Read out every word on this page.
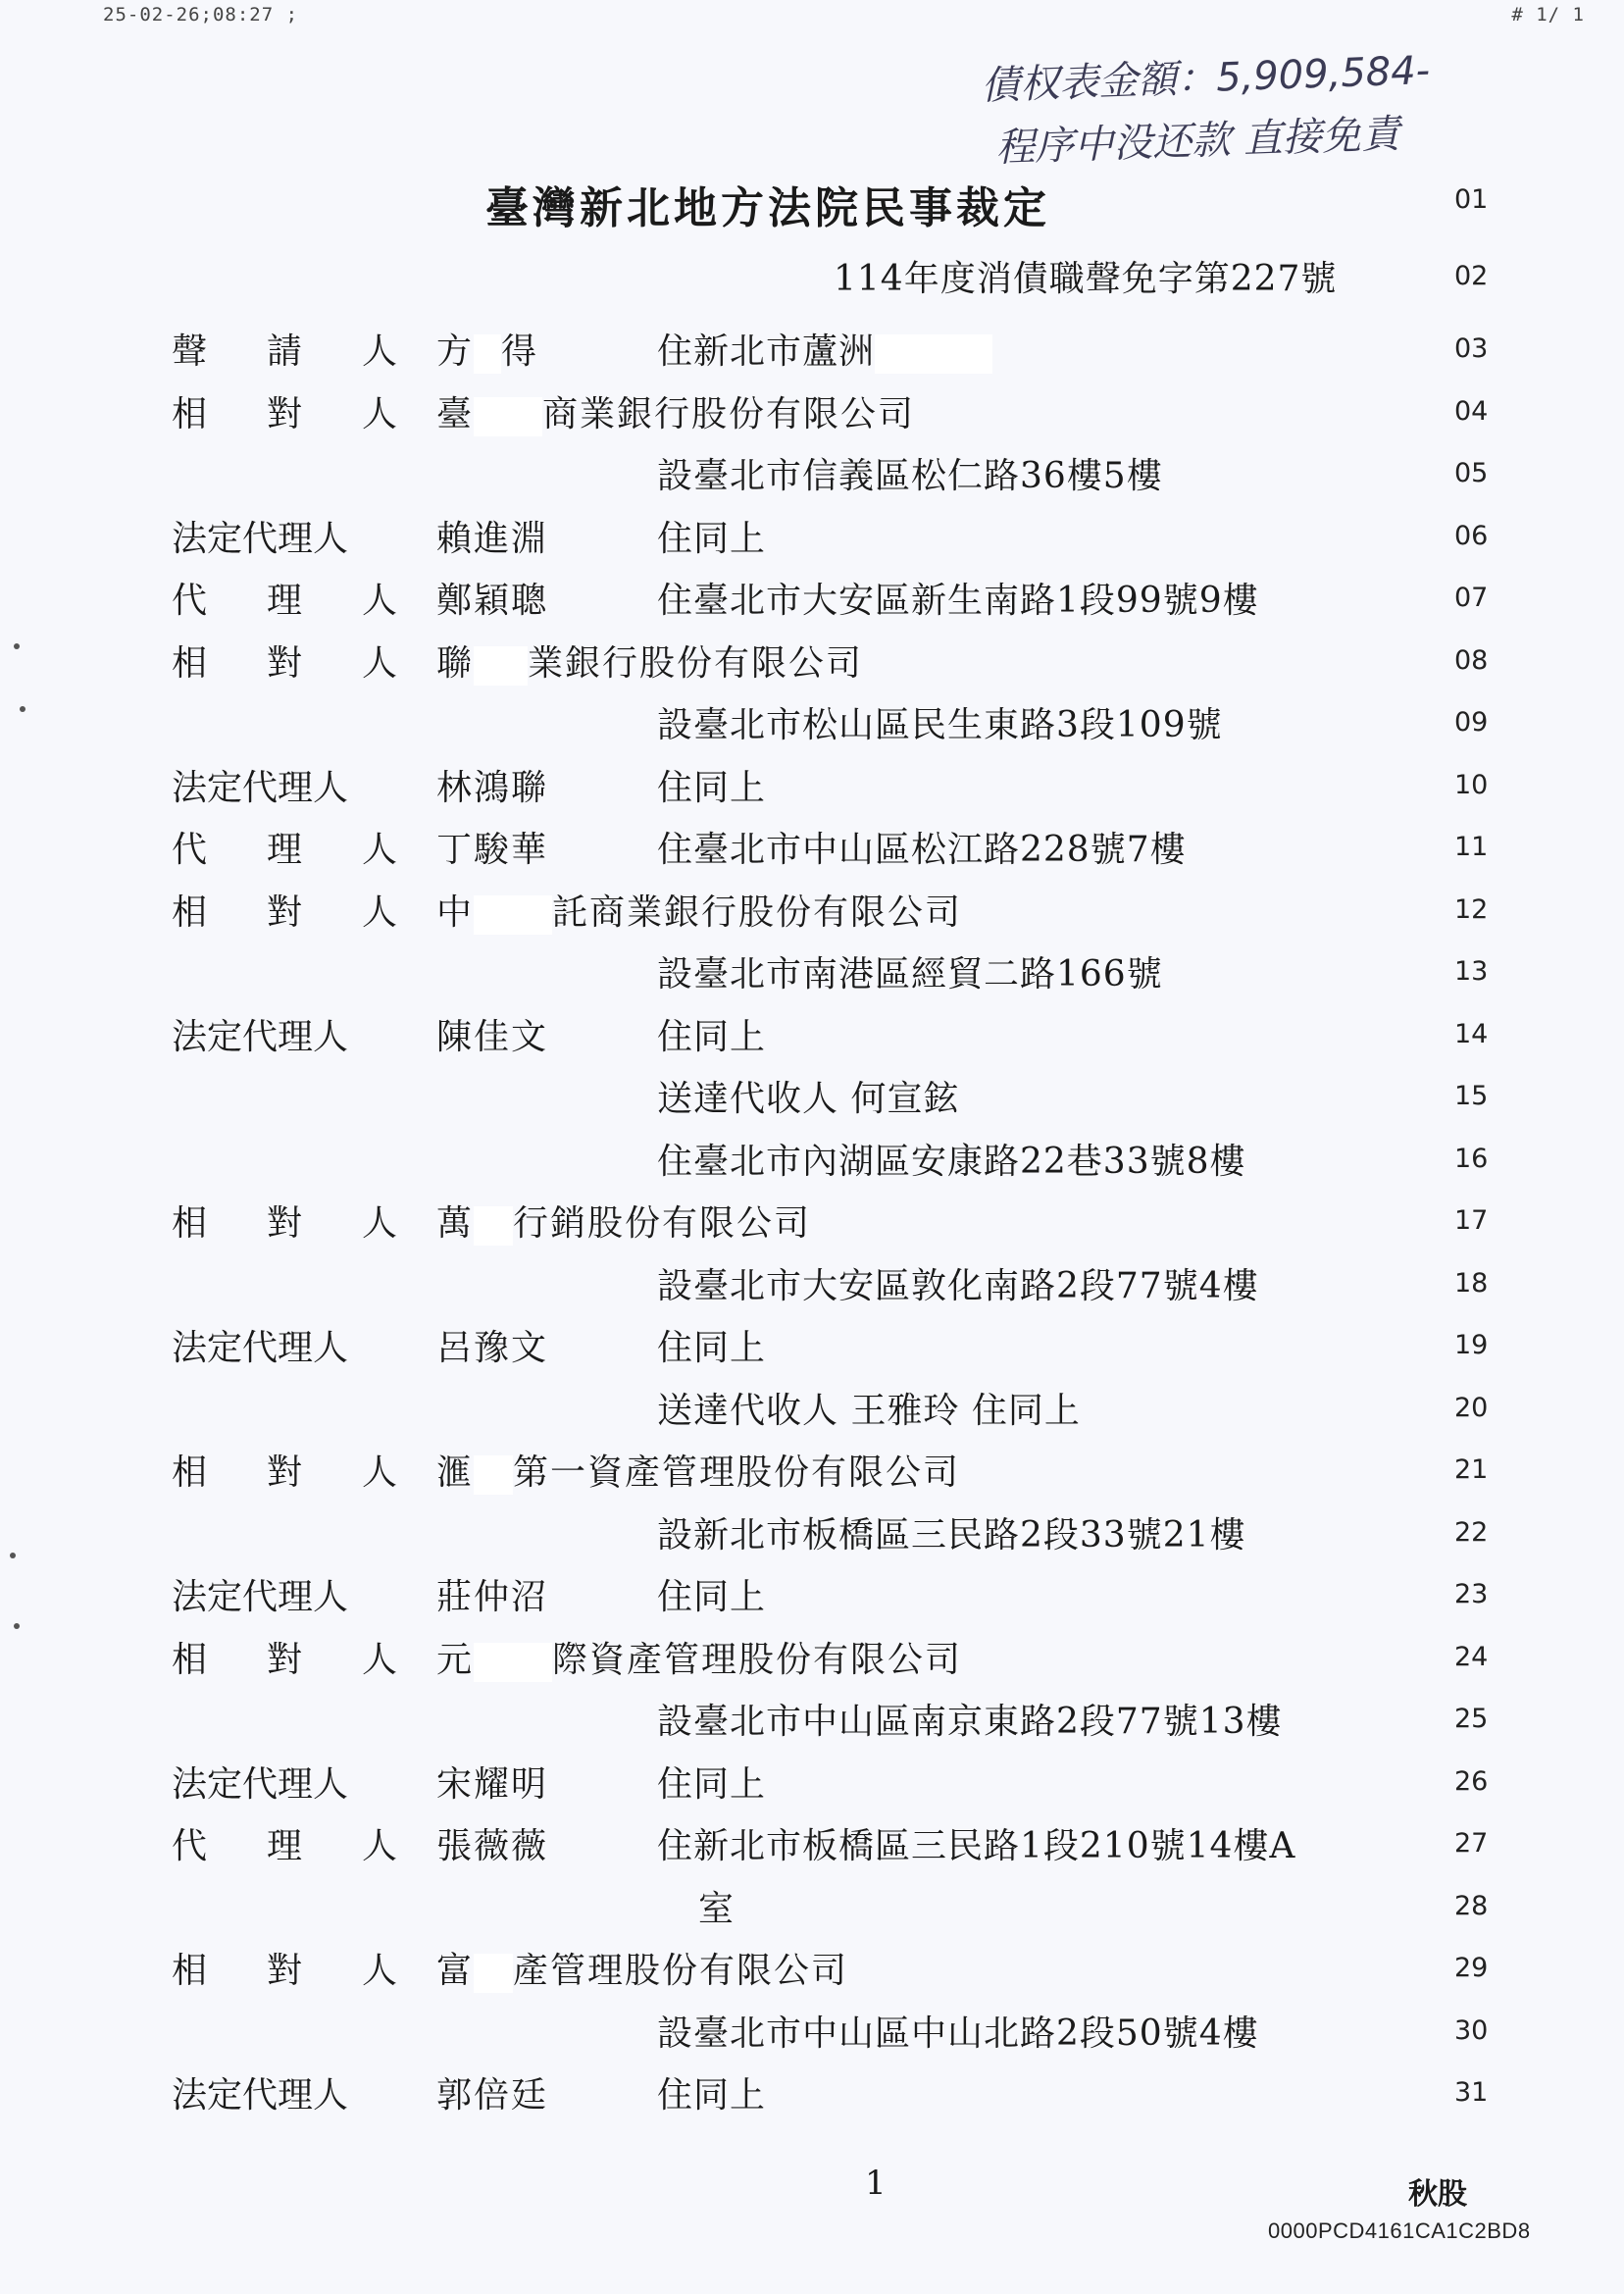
25-02-26;08:27 ;	# 1/ 1
債权表金額：5,909,584-
程序中没还款 直接免責
臺灣新北地方法院民事裁定	01
114年度消債職聲免字第227號	02
聲 請 人 方 得	住新北市蘆洲	03
相 對 人 臺 商業銀行股份有限公司	04
設臺北市信義區松仁路36樓5樓	05
法定代理人	賴進淵	住同上	06
代 理 人 鄭穎聰	住臺北市大安區新生南路1段99號9樓	07
相 對 人 聯 業銀行股份有限公司	08
設臺北市松山區民生東路3段109號	09
法定代理人	林鴻聯	住同上	10
代 理 人 丁駿華	住臺北市中山區松江路228號7樓	11
相 對 人 中 託商業銀行股份有限公司	12
設臺北市南港區經貿二路166號	13
法定代理人	陳佳文	住同上	14
送達代收人 何宣鉉	15
住臺北市內湖區安康路22巷33號8樓	16
相 對 人 萬 行銷股份有限公司	17
設臺北市大安區敦化南路2段77號4樓	18
法定代理人	呂豫文	住同上	19
送達代收人 王雅玲 住同上	20
相 對 人 滙 第一資產管理股份有限公司	21
設新北市板橋區三民路2段33號21樓	22
法定代理人	莊仲沼	住同上	23
相 對 人 元 際資產管理股份有限公司	24
設臺北市中山區南京東路2段77號13樓	25
法定代理人	宋耀明	住同上	26
代 理 人 張薇薇	住新北市板橋區三民路1段210號14樓A	27
室	28
相 對 人 富 產管理股份有限公司	29
設臺北市中山區中山北路2段50號4樓	30
法定代理人	郭倍廷	住同上	31
1	秋股
0000PCD4161CA1C2BD8
